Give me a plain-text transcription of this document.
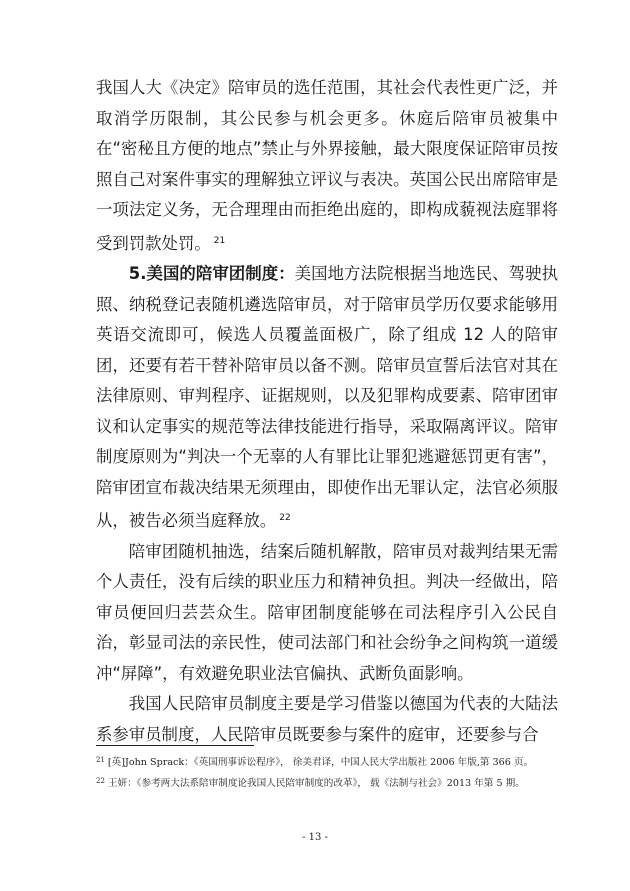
我国人大《决定》陪审员的选任范围，其社会代表性更广泛，并取消学历限制，其公民参与机会更多。休庭后陪审员被集中在“密秘且方便的地点”禁止与外界接触，最大限度保证陪审员按照自己对案件事实的理解独立评议与表决。英国公民出席陪审是一项法定义务，无合理理由而拒绝出庭的，即构成藐视法庭罪将受到罚款处罚。 $^{21}$

5.美国的陪审团制度：美国地方法院根据当地选民、驾驶执照、纳税登记表随机遴选陪审员，对于陪审员学历仅要求能够用英语交流即可，候选人员覆盖面极广，除了组成 12 人的陪审团，还要有若干替补陪审员以备不测。陪审员宣誓后法官对其在法律原则、审判程序、证据规则，以及犯罪构成要素、陪审团审议和认定事实的规范等法律技能进行指导，采取隔离评议。陪审制度原则为“判决一个无辜的人有罪比让罪犯逃避惩罚更有害”，陪审团宣布裁决结果无须理由，即使作出无罪认定，法官必须服从，被告必须当庭释放。 $^{22}$

陪审团随机抽选，结案后随机解散，陪审员对裁判结果无需个人责任，没有后续的职业压力和精神负担。判决一经做出，陪审员便回归芸芸众生。陪审团制度能够在司法程序引入公民自治，彰显司法的亲民性，使司法部门和社会纷争之间构筑一道缓冲“屏障”，有效避免职业法官偏执、武断负面影响。

我国人民陪审员制度主要是学习借鉴以德国为代表的大陆法系参审员制度，人民陪审员既要参与案件的庭审，还要参与合

$^{21}$ [英]John Sprack：《英国刑事诉讼程序》， 徐美君译，中国人民大学出版社 2006 年版,第 366 页。

$^{22}$ 王妍：《参考两大法系陪审制度论我国人民陪审制度的改革》， 载《法制与社会》2013 年第 5 期。

- 13 -
